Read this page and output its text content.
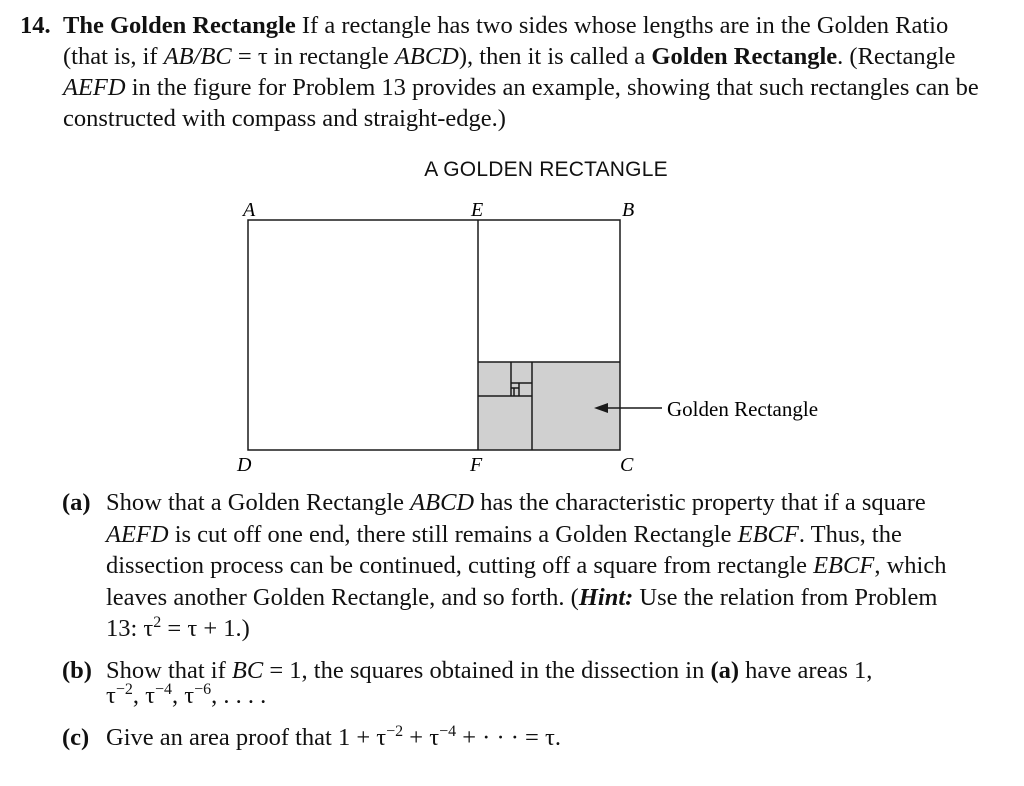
14. The Golden Rectangle If a rectangle has two sides whose lengths are in the Golden Ratio (that is, if AB/BC = τ in rectangle ABCD), then it is called a Golden Rectangle. (Rectangle AEFD in the figure for Problem 13 provides an example, showing that such rectangles can be constructed with compass and straight-edge.)
A GOLDEN RECTANGLE
A	E	B
D	F	C
Golden Rectangle
(a) Show that a Golden Rectangle ABCD has the characteristic property that if a square AEFD is cut off one end, there still remains a Golden Rectangle EBCF. Thus, the dissection process can be continued, cutting off a square from rectangle EBCF, which leaves another Golden Rectangle, and so forth. (Hint: Use the relation from Problem 13: $\tau^2 = \tau + 1$.)
(b) Show that if BC = 1, the squares obtained in the dissection in (a) have areas 1,
$\tau^{-2}$, $\tau^{-4}$, $\tau^{-6}$, . . . .
(c) Give an area proof that $1 + \tau^{-2} + \tau^{-4}$ + · · · = τ.
